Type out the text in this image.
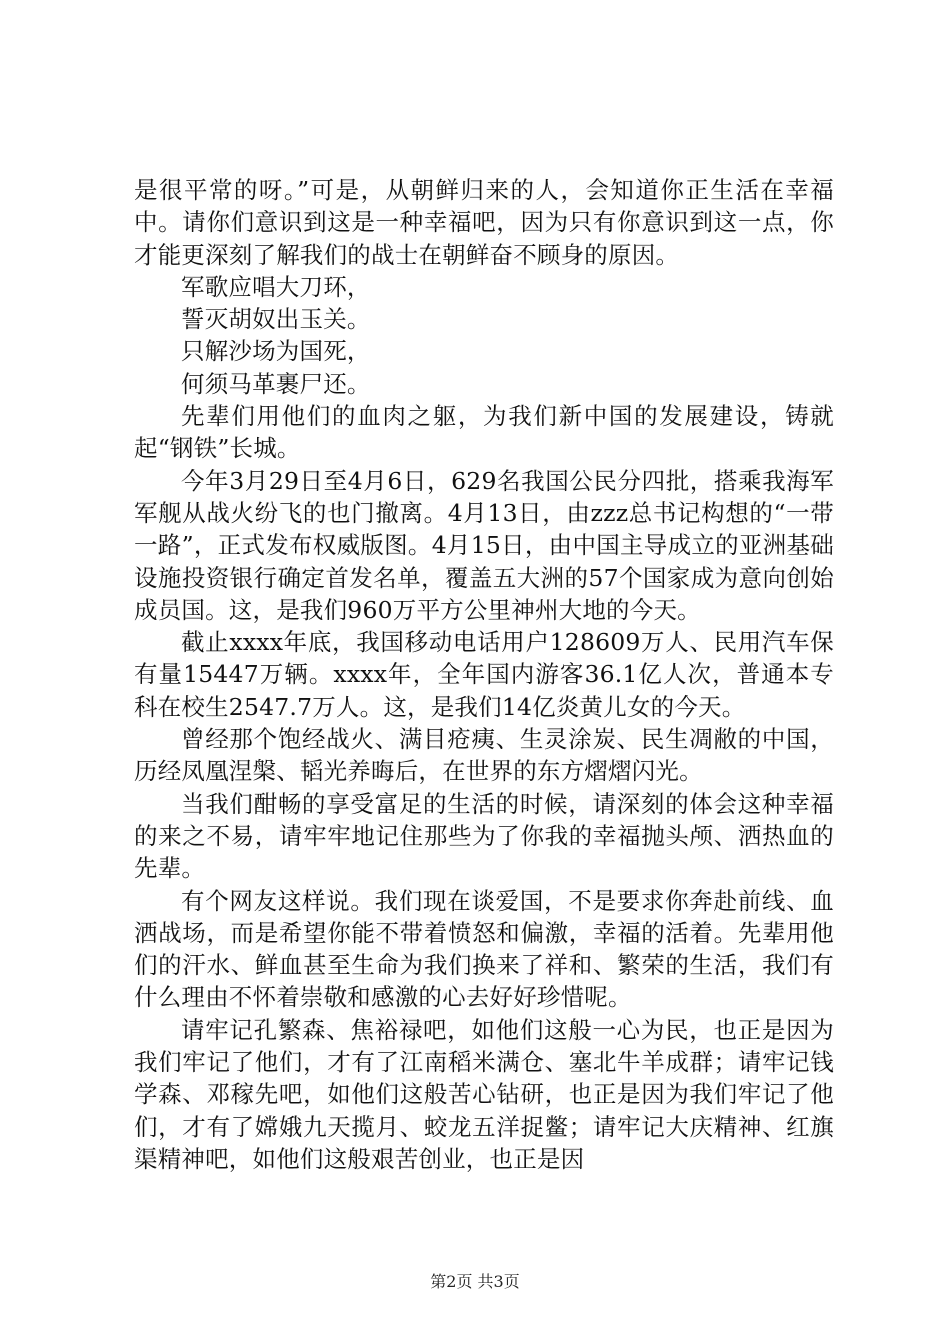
是很平常的呀。”可是，从朝鲜归来的人，会知道你正生活在幸福中。请你们意识到这是一种幸福吧，因为只有你意识到这一点，你才能更深刻了解我们的战士在朝鲜奋不顾身的原因。

军歌应唱大刀环，

誓灭胡奴出玉关。

只解沙场为国死，

何须马革裹尸还。

先辈们用他们的血肉之躯，为我们新中国的发展建设，铸就起“钢铁”长城。

今年3月29日至4月6日，629名我国公民分四批，搭乘我海军军舰从战火纷飞的也门撤离。4月13日，由zzz总书记构想的“一带一路”，正式发布权威版图。4月15日，由中国主导成立的亚洲基础设施投资银行确定首发名单，覆盖五大洲的57个国家成为意向创始成员国。这，是我们960万平方公里神州大地的今天。

截止xxxx年底，我国移动电话用户128609万人、民用汽车保有量15447万辆。xxxx年，全年国内游客36.1亿人次，普通本专科在校生2547.7万人。这，是我们14亿炎黄儿女的今天。

曾经那个饱经战火、满目疮痍、生灵涂炭、民生凋敝的中国，历经凤凰涅槃、韬光养晦后，在世界的东方熠熠闪光。

当我们酣畅的享受富足的生活的时候，请深刻的体会这种幸福的来之不易，请牢牢地记住那些为了你我的幸福抛头颅、洒热血的先辈。

有个网友这样说。我们现在谈爱国，不是要求你奔赴前线、血洒战场，而是希望你能不带着愤怒和偏激，幸福的活着。先辈用他们的汗水、鲜血甚至生命为我们换来了祥和、繁荣的生活，我们有什么理由不怀着崇敬和感激的心去好好珍惜呢。

请牢记孔繁森、焦裕禄吧，如他们这般一心为民，也正是因为我们牢记了他们，才有了江南稻米满仓、塞北牛羊成群；请牢记钱学森、邓稼先吧，如他们这般苦心钻研，也正是因为我们牢记了他们，才有了嫦娥九天揽月、蛟龙五洋捉鳖；请牢记大庆精神、红旗渠精神吧，如他们这般艰苦创业，也正是因

第2页 共3页
